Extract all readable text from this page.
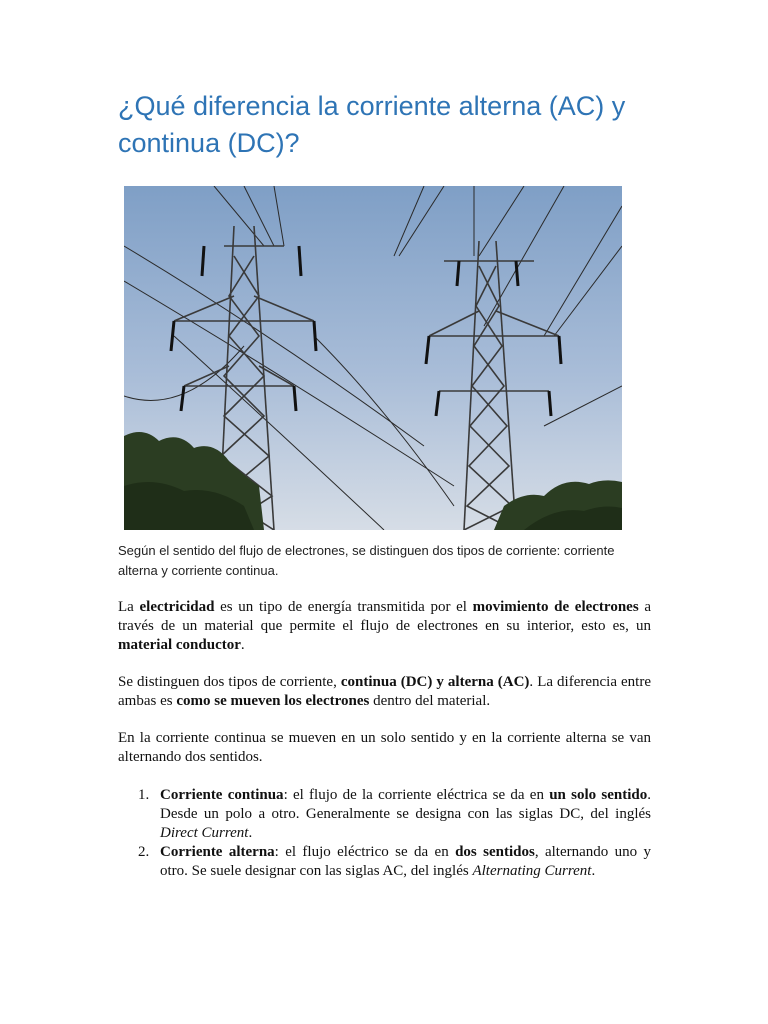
¿Qué diferencia la corriente alterna (AC) y continua (DC)?
Según el sentido del flujo de electrones, se distinguen dos tipos de corriente: corriente alterna y corriente continua.

La electricidad es un tipo de energía transmitida por el movimiento de electrones a través de un material que permite el flujo de electrones en su interior, esto es, un material conductor.

Se distinguen dos tipos de corriente, continua (DC) y alterna (AC). La diferencia entre ambas es como se mueven los electrones dentro del material.

En la corriente continua se mueven en un solo sentido y en la corriente alterna se van alternando dos sentidos.

1. Corriente continua: el flujo de la corriente eléctrica se da en un solo sentido. Desde un polo a otro. Generalmente se designa con las siglas DC, del inglés Direct Current.
2. Corriente alterna: el flujo eléctrico se da en dos sentidos, alternando uno y otro. Se suele designar con las siglas AC, del inglés Alternating Current.
